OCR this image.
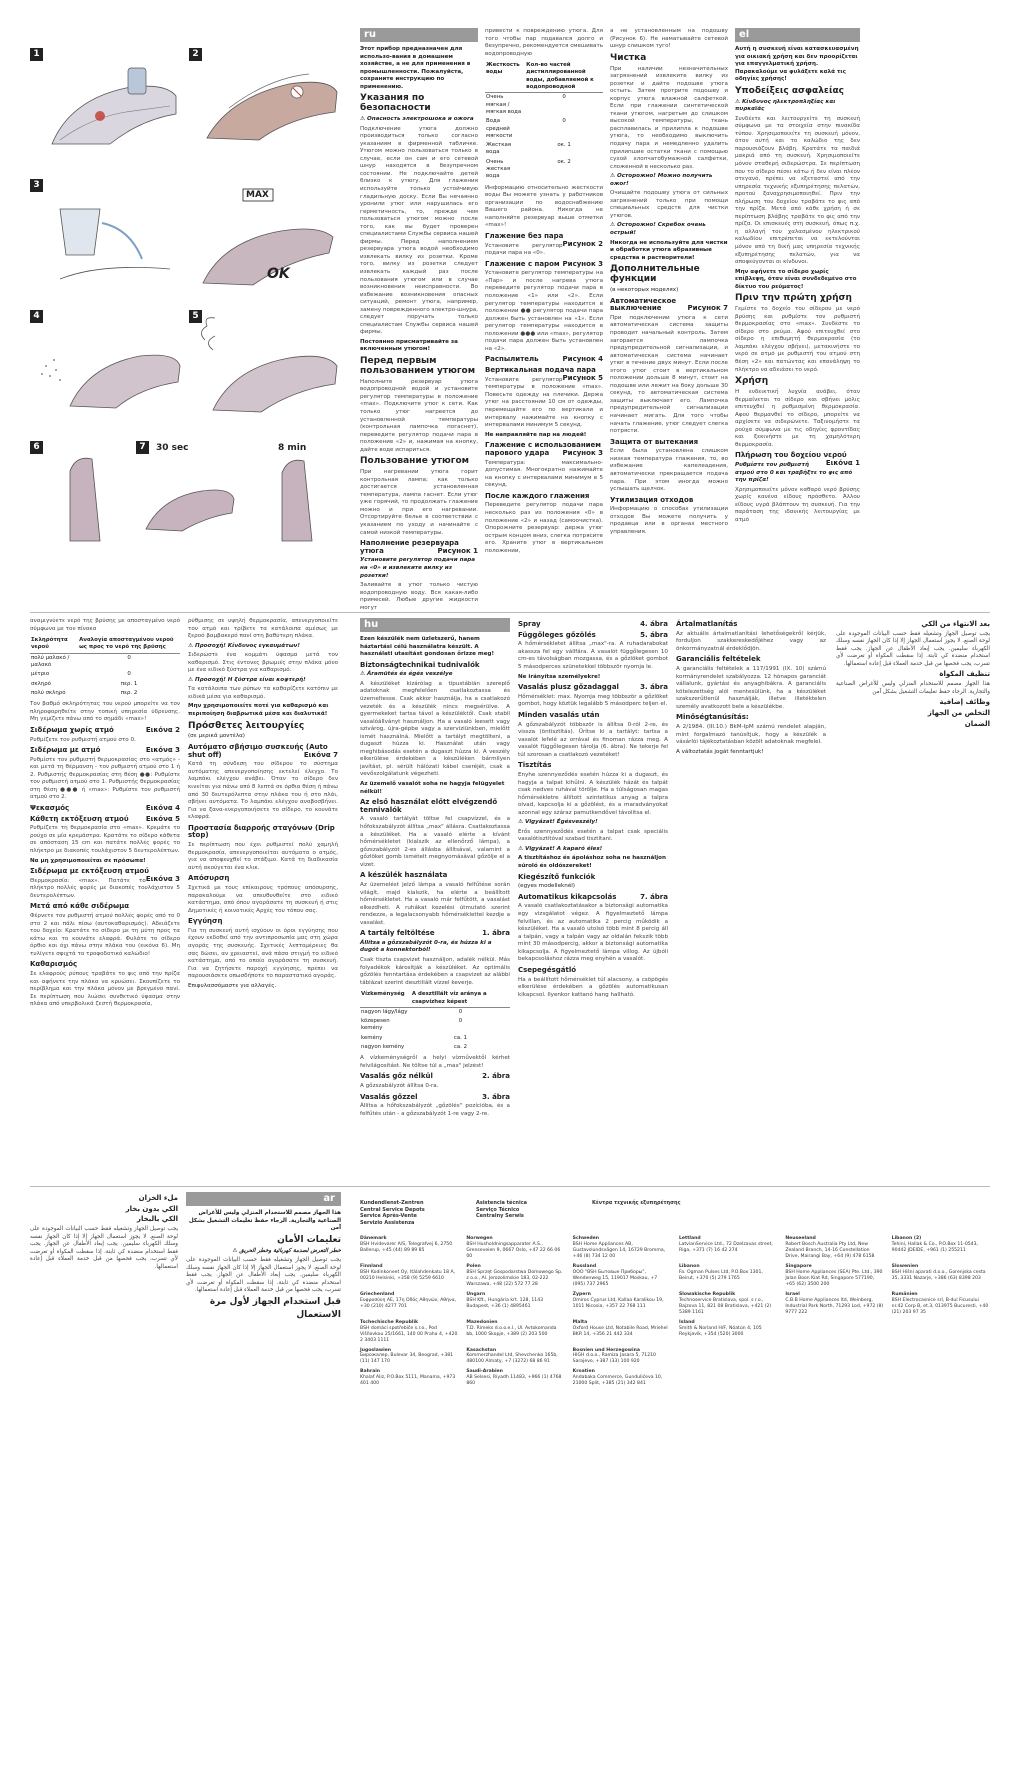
1	2
3
MAX
OK
4	5
6	7	30 sec	8 min
ru
Этот прибор предназначен для использо-вания в домашнем хозяйстве, а не для применения в промышленности. Пожалуйста, сохраните инструкцию по применению.
Указания по безопасности
⚠ Опасность электрошока и ожога
Подключение утюга должно производиться только согласно указаниям в фирменной табличке. Утюгом можно пользоваться только в случае, если он сам и его сетевой шнур находятся в безупречном состоянии. Не подключайте детей близко к утюгу. Для глажения используйте только устойчивую гладильную доску. Если Вы нечаянно уронили утюг или нарушилась его герметичность, то, прежде чем пользоваться утюгом можно после того, как вы будет проверен специалистами Службы сервиса нашей фирмы. Перед наполнением резервуара утюга водой необходимо извлекать вилку из розетки. Кроме того, вилку из розетки следует извлекать каждый раз после пользования утюгом или в случае возникновения неисправности. Во избежание возникновения опасных ситуаций, ремонт утюга, например, замену поврежденного электро-шнура, следует поручать только специалистам Службы сервиса нашей фирмы.
Постоянно присматривайте за включенным утюгом!
Перед первым пользованием утюгом
Наполните резервуар утюга водопроводной водой и установите регулятор температуры в положение «max». Подключите утюг к сети. Как только утюг нагреется до установленной температуры (контрольная лампочка погаснет), переведите регулятор подачи пара в положение «2» и, нажимая на кнопку, дайте воде испариться.
Пользование утюгом
При нагревании утюга горит контрольная лампа; как только достигается установленная температура, лампа гаснет. Если утюг уже горячий, то продолжать глажение можно и при его нагревании. Отсортируйте белье в соответствии с указанием по уходу и начинайте с самой низкой температуры.
Наполнение резервуара утюга	Рисунок 1
Установите регулятор подачи пара на «0» и извлеките вилку из розетки!
Заливайте в утюг только чистую водопроводную воду. Вся какая-либо примесей. Любые другие жидкости могут
привести к повреждению утюга. Для того чтобы пар подавался долго и безупречно, рекомендуется смешивать водопроводную
Жесткость воды	Кол-во частей дистиллированной воды, добавляемой к водопроводной
Очень мягкая / мягкая вода	0
Вода средней мягкости	0
Жесткая вода	ок. 1
Очень жесткая вода	ок. 2
Информацию относительно жесткости воды Вы можете узнать у работников организации по водоснабжению Вашего района. Никогда не наполняйте резервуар выше отметки «max»!
Глажение без пара
Рисунок 2
Установите регулятор подачи пара на «0».
Глажение с паром Рисунок 3
Установите регулятор температуры на «Пар» и после нагрева утюга переведите регулятор подачи пара в положение «1» или «2». Если регулятор температуры находится в положении ●● регулятор подачи пара должен быть установлен на «1». Если регулятор температуры находится в положении ●●● или «max», регулятор подачи пара должен быть установлен на «2».
Распылитель	Рисунок 4
Вертикальная подача пара
Рисунок 5
Установите регулятор температуры в положение «max». Повесьте одежду на плечики. Держа утюг на расстоянии 10 см от одежды, перемещайте его по вертикали и интервалу нажимайте на кнопку с интервалами минимум 5 секунд.
Не направляйте пар на людей!
Глажение с использованием парового удара Рисунок 3
Температура: максимально-допустимая. Многократно нажимайте на кнопку с интервалами минимум в 5 секунд.
После каждого глажения
Переведите регулятор подачи пара несколько раз из положения «0» в положение «2» и назад (самоочистка). Опорожните резервуар: держа утюг острым концом вниз, слегка потрясите его. Храните утюг в вертикальном положении,
а не установленным на подошву (Рисунок 6). Не наматывайте сетевой шнур слишком туго!
Чистка
При наличии незначительных загрязнений извлеките вилку из розетки и дайте подошве утюга остыть. Затем протрите подошву и корпус утюга влажной салфеткой. Если при глажении синтетической ткани утюгом, нагретым до слишком высокой температуры, ткань расплавилась и прилипла к подошве утюга, то необходимо выключить подачу пара и немедленно удалить прилипшие остатки ткани с помощью сухой хлопчатобумажной салфетки, сложенной в несколько раз.
⚠ Осторожно! Можно получить ожог!
Очищайте подошву утюга от сильных загрязнений только при помощи специальных средств для чистки утюгов.
⚠ Осторожно! Скребок очень острый!
Никогда не используйте для чистки и обработки утюга абразивные средства и растворители!
Дополнительные функции
(в некоторых моделях)
Автоматическое выключение	Рисунок 7
При подключении утюга к сети автоматическая система защиты проводит начальный контроль. Затем загорается лампочка предупредительной сигнализации, и автоматическая система начинает утюг в течение двух минут. Если после этого утюг стоит в вертикальном положении дольше 8 минут, стоит на подошве или лежит на боку дольше 30 секунд, то автоматическая система защиты выключает его. Лампочка предупредительной сигнализации начинает мигать. Для того чтобы начать глажение, утюг следует слегка потрясти.
Защита от вытекания
Если была установлена слишком низкая температура глажения, то, во избежание капелеадения, автоматически прекращается подача пара. При этом иногда можно услышать щелчок.
Утилизация отходов
Информацию о способах утилизации отходов Вы можете получить у продавца или в органах местного управления.
el
Αυτή η συσκευή είναι κατασκευασμένη για οικιακή χρήση και δεν προορίζεται για επαγγελματική χρήση. Παρακαλούμε να φυλάξετε καλά τις οδηγίες χρήσης!
Υποδείξεις ασφαλείας
⚠ Κίνδυνος ηλεκτροπληξίας και πυρκαϊάς
Συνδέετε και λειτουργείτε τη συσκευή σύμφωνα με τα στοιχεία στην πινακίδα τύπου. Χρησιμοποιείτε τη συσκευή μόνον, όταν αυτή και το καλώδιο της δεν παρουσιάζουν βλάβη. Κρατάτε τα παιδιά μακριά από τη συσκευή. Χρησιμοποιείτε μόνον σταθερή σιδερώστρα. Σε περίπτωση που το σίδερο πέσει κάτω ή δεν είναι πλέον στεγανό, πρέπει να εξεταστεί από την υπηρεσία τεχνικής εξυπηρέτησης πελατών, προτού ξαναχρησιμοποιηθεί. Πριν την πλήρωση του δοχείου τραβάτε το φις από την πρίζα. Μετά από κάθε χρήση ή σε περίπτωση βλάβης τραβάτε το φις από την πρίζα. Οι επισκευές στη συσκευή, όπως π.χ. η αλλαγή του χαλασμένου ηλεκτρικού καλωδίου επιτρέπεται να εκτελούνται μόνον από τη δική μας υπηρεσία τεχνικής εξυπηρέτησης πελατών, για να αποφεύγονται οι κίνδυνοι.
Μην αφήνετε το σίδερο χωρίς επίβλεψη, όταν είναι συνδεδεμένο στο δίκτυο του ρεύματος!
Πριν την πρώτη χρήση
Γεμίστε το δοχείο του σίδερου με νερό βρύσης και ρυθμίστε τον ρυθμιστή θερμοκρασίας στο «max». Συνδέστε το σίδερο στο ρεύμα. Αφού επιτευχθεί στο σίδερο η επιθυμητή θερμοκρασία (το λαμπάκι ελέγχου σβήνει), μετακινήστε το νερό σε ατμό με ρυθμιστή του ατμού στη θέση «2» και πατώντας και επανάληψη το πλήκτρο να αδειάσει το νερό.
Χρήση
Η ενδεικτική λυχνία ανάβει, όταν θερμαίνεται το σίδερο και σβήνει μόλις επιτευχθεί η ρυθμισμένη θερμοκρασία. Αφού θερμανθεί το σίδερο, μπορείτε να αρχίσετε να σιδερώνετε. Ταξινομήστε τα ρούχα σύμφωνα με τις οδηγίες φροντίδας και ξεκινήστε με τη χαμηλότερη θερμοκρασία.
Πλήρωση του δοχείου νερού
Εικόνα 1
Ρυθμίστε τον ρυθμιστή ατμού στο 0 και τραβήξτε το φις από την πρίζα!
Χρησιμοποιείτε μόνον καθαρό νερό βρύσης χωρίς κανένα είδους πρόσθετο. Άλλου είδους υγρά βλάπτουν τη συσκευή. Για την παράταση της ιδανικής λειτουργίας με ατμό
αναμιγνύετε νερό της βρύσης με αποσταγμένο νερό σύμφωνα με τον πίνακα
Σκληρότητα νερού	Αναλογία αποσταγμένου νερού ως προς το νερό της βρύσης
πολύ μαλακό / μαλακό	0
μέτριο	0
σκληρό	περ. 1
πολύ σκληρό	περ. 2
Τον βαθμό σκληρότητας του νερού μπορείτε να τον πληροφορηθείτε στην τοπική υπηρεσία ύδρευσης. Μη γεμίζετε πάνω από το σημάδι «max»!
Σιδέρωμα χωρίς ατμό	Εικόνα 2
Ρυθμίζετε τον ρυθμιστή ατμού στο 0.
Σιδέρωμα με ατμό	Εικόνα 3
Ρυθμίστε τον ρυθμιστή θερμοκρασίας στο «ατμός» - και μετά τη θέρμανση - τον ρυθμιστή ατμού στο 1 ή 2. Ρυθμιστής θερμοκρασίας στη θέση ●●: Ρυθμίστε τον ρυθμιστή ατμού στο 1. Ρυθμιστής θερμοκρασίας στη θέση ●●● ή «max»: Ρυθμίστε τον ρυθμιστή ατμού στο 2.
Ψεκασμός	Εικόνα 4
Κάθετη εκτόξευση ατμού Εικόνα 5
Ρυθμίζετε τη θερμοκρασία στο «max». Κρεμάτε το ρούχο σε μία κρεμάστρα. Κρατάτε το σίδερο κάθετα σε απόσταση 15 cm και πατάτε πολλές φορές το πλήκτρο με διακοπές τουλάχιστον 5 δευτερολέπτων.
Να μη χρησιμοποιείται σε πρόσωπα!
Σιδέρωμα με εκτόξευση ατμού
Εικόνα 3
Θερμοκρασία: «max». Πατάτε το πλήκτρο πολλές φορές με διακοπές τουλάχιστον 5 δευτερολέπτων.
Μετά από κάθε σιδέρωμα
Φέρνετε τον ρυθμιστή ατμού πολλές φορές από το 0 στο 2 και πάλι πίσω (αυτοκαθαρισμός). Αδειάζετε του δοχείο: Κρατάτε το σίδερο με τη μύτη προς τα κάτω και το κουνάτε ελαφρά. Φυλάτε το σίδερο όρθιο και όχι πάνω στην πλάκα του (εικόνα 6). Μη τυλίγετε σφιχτά το τροφοδοτικό καλώδιο!
Καθαρισμός
Σε ελαφρούς ρύπους τραβάτε το φις από την πρίζα και αφήνετε την πλάκα να κρυώσει. Σκουπίζετε το περίβλημα και την πλάκα μόνον με βρεγμένο πανί. Σε περίπτωση που λιώσει συνθετικό ύφασμα στην πλάκα από υπερβολικά ζεστή θερμοκρασία,
ρύθμισης σε υψηλή θερμοκρασία, απενεργοποιείτε τον ατμό και τρίβετε τα κατάλοιπα αμέσως με ξεροό βαμβακερό πανί στη βαθύτερη πλάκα.
⚠ Προσοχή! Κίνδυνος εγκαυμάτων!
Σιδερώστε ένα κομμάτι ύφασμα μετά τον καθαρισμό. Στις έντονες βρωμιές στην πλάκα μόνο με ένα ειδικό ξύστρα για καθαρισμό.
⚠ Προσοχή! Η ξύστρα είναι κοφτερή!
Τα κατάλοιπα των ρύπων τα καθαρίζετε κατόπιν με ειδικά μέσα για καθαρισμό.
Μην χρησιμοποιείτε ποτέ για καθαρισμό και περιποίηση διαβρωτικά μέσα και διαλυτικά!
Πρόσθετες λειτουργίες
(σε μερικά μοντέλα)
Αυτόματο σβήσιμο συσκευής (Auto shut off)	Εικόνα 7
Κατά τη σύνδεση του σίδερου το σύστημα αυτόματης απενεργοποίησης εκτελεί έλεγχο. Το λαμπάκι ελέγχου ανάβει. Όταν το σίδερο δεν κινείται για πάνω από 8 λεπτά σε όρθια θέση ή πάνω από 30 δευτερόλεπτα στην πλάκα του ή στο πλάι, σβήνει αυτόματα. Το λαμπάκι ελέγχου αναβοσβήνει. Για να ξανα-ενεργοποιήσετε το σίδερο, το κουνάτε ελαφρά.
Προστασία διαρροής σταγόνων (Drip stop)
Σε περίπτωση που έχει ρυθμιστεί πολύ χαμηλή θερμοκρασία, απενεργοποιείται αυτόματα ο ατμός, για να αποφευχθεί το στάξιμο. Κατά τη διαδικασία αυτή ακούγεται ένα κλικ.
Απόσυρση
Σχετικά με τους επίκαιρους τρόπους απόσυρσης, παρακαλούμε να απευθυνθείτε στο ειδικό κατάστημα, από όπου αγοράσατε τη συσκευή ή στις Δημοτικές ή κοινοτικές Αρχές του τόπου σας.
Εγγύηση
Για τη συσκευή αυτή ισχύουν οι όροι εγγύησης που έχουν εκδοθεί από την αντιπροσωπία μας στη χώρα αγοράς της συσκευής. Σχετικές λεπτομέρειες θα σας δώσει, αν χρειαστεί, ανά πάσα στιγμή το ειδικό κατάστημα, από το οποίο αγοράσατε τη συσκευή. Για να ζητήσετε παροχή εγγύησης, πρέπει να παρουσιάσετε οπωσδήποτε το παραστατικό αγοράς.
Επιφυλασσόμαστε για αλλαγές.
hu
Ezen készülék nem üzletszerű, hanem háztartási célú használatra készült. A használati utasítást gondosan őrizze meg!
Biztonságtechnikai tudnivalók
⚠ Áramütés és égés veszélye
A készüléket kizárólag a típustáblán szereplő adatoknak megfelelően csatlakoztassa és üzemeltesse. Csak akkor használja, ha a csatlakozó vezeték és a készülék nincs megsérülve. A gyermekeket tartsa távol a készüléktől. Csak stabil vasalóállványt használjon. Ha a vasaló leesett vagy szivárog, újra-gépbe vagy a szerviziünkben, mielőtt ismét használná. Mielőtt a tartályt megtölteni, a dugaszt húzza ki. Használat után vagy meghibásodás esetén a dugaszt húzza ki. A veszély elkerülése érdekében a készüléken bármilyen javítást, pl. sérült hálózati kábel cseréjét, csak a vevőszolgálatunk végezheti.
Az üzemelő vasalót soha ne hagyja felügyelet nélkül!
Az első használat előtt elvégzendő tennivalók
A vasaló tartályát töltse fel csapvízzel, és a hőfokszabályzót állítsa „max" állásra. Csatlakoztassa a készüléket. Ha a vasaló elérte a kívánt hőmérsékletet (kialszik az ellenőrző lámpa), a gőzszabályzót 2-es állásba állítsával, valamint a gőzlöket gomb ismételt megnyomásával gőzölje el a vizet.
A készülék használata
Az üzemelést jelző lámpa a vasaló felfűtése során világít, majd kialszik, ha elérte a beállított hőmérsékletet. Ha a vasaló már felfűtött, a vasalást elkezdheti. A ruhákat kezelési útmutató szerint rendezze, a legalacsonyabb hőmérséklettel kezdje a vasalást.
A tartály feltöltése	1. ábra
Állítsa a gőzszabályzót 0-ra, és húzza ki a dugót a konnektorból!
Csak tiszta csapvizet használjon, adalék nélkül. Más folyadékok károsítják a készüléket. Az optimális gőzölés fenntartása érdekében a csapvizet az alábbi táblázat szerint desztillált vízzel keverje.
Vízkeménység	A desztillált víz aránya a csapvízhez képest
nagyon lágy/lágy	0
közepesen kemény	0
kemény	ca. 1
nagyon kemény	ca. 2
A vízkeménységről a helyi vízművektől kérhet felvilágosítást. Ne töltse túl a „max" jelzést!
Vasalás gőz nélkül	2. ábra
A gőzszabályzót állítsa 0-ra.
Vasalás gőzzel	3. ábra
Állítsa a hőfokszabályzót „gőzölés" pozícióba, és a felfűtés után - a gőzszabályzót 1-re vagy 2-re.
Spray	4. ábra
Függőleges gőzölés	5. ábra
A hőmérsékletet állítsa „max"-ra. A ruhadarabokat akassza fel egy vállfára. A vasalót függőlegesen 10 cm-es távolságban mozgassa, és a gőzlöket gombot 5 másodperces szünetekkel többször nyomja le.
Ne irányítsa személyekre!
Vasalás plusz gőzadaggal	3. ábra
Hőmérséklet: max. Nyomja meg többször a gőzlöket gombot, hogy köztük legalább 5 másodperc teljen el.
Minden vasalás után
A gőzszabályzót többször is állítsa 0-ról 2-re, és vissza (öntisztítás). Ürítse ki a tartályt: tartsa a vasalót lefelé az orrával és finoman rázza meg. A vasalót függőlegesen tárolja (6. ábra). Ne tekerje fel túl szorosan a csatlakozó vezetéket!
Tisztítás
Enyhe szennyeződés esetén húzza ki a dugaszt, és hagyja a talpat kihűlni. A készülék házát és talpát csak nedves ruhával törölje. Ha a túlságosan magas hőmérsékletre állított szintetikus anyag a talpra olvad, kapcsolja ki a gőzölést, és a maradványokat azonnal egy száraz pamutkendővel távolítsa el.
⚠ Vigyázat! Égésveszély!
Erős szennyeződés esetén a talpat csak speciális vasalótisztítóval szabad tisztítani.
⚠ Vigyázat! A kaparó éles!
A tisztításhoz és ápoláshoz soha ne használjon súroló és oldószereket!
Kiegészítő funkciók
(egyes modelleknél)
Automatikus kikapcsolás	7. ábra
A vasaló csatlakoztatásakor a biztonsági automatika egy vizsgálatot végez. A figyelmeztető lámpa felvillan, és az automatika 2 percig működik a készüléket. Ha a vasaló utolsó több mint 8 percig áll a talpán, vagy a talpán vagy az oldalán fekszik több mint 30 másodpercig, akkor a biztonsági automatika kikapcsolja. A figyelmeztető lámpa villog. Az újbóli bekapcsoláshoz rázza meg enyhén a vasalót.
Csepegésgátló
Ha a beállított hőmérséklet túl alacsony, a csöpögés elkerülése érdekében a gőzölés automatikusan kikapcsol. Ilyenkor kattanó hang hallható.
Ártalmatlanítás
Az aktuális ártalmatlanítási lehetőségekről kérjük, forduljon szakkereskedőjéhez vagy az önkormányzatnál érdeklődjön.
Garanciális feltételek
A garanciális feltételek a 117/1991 (IX. 10) számú kormányrendelet szabályozza. 12 hónapos garanciát vállalunk, gyártási és anyaghibákra. A garanciális kötelezettség alól mentesülünk, ha a készüléket szakszerűtlenül használják, illetve illetéktelen személy avatkozott bele a készülékbe.
Minőségtanúsítás:
A 2/1984. (III.10.) BkM-IpM számú rendelet alapján, mint forgalmazó tanúsítjuk, hogy a készülék a vásárlói tájékoztatásban közölt adatoknak megfelel.
A változtatás jogát fenntartjuk!
بعد الانتهاء من الكي
يجب توصيل الجهاز وتشغيله فقط حسب البيانات الموجودة على لوحة الصنع. لا يجوز استعمال الجهاز إلا إذا كان الجهاز نفسه وسلك الكهرباء سليمين. يجب إبعاد الأطفال عن الجهاز. يجب فقط استخدام منضدة كي ثابتة. إذا سقطت المكواة أو تعرضت لأي تسرب، يجب فحصها من قبل خدمة العملاء قبل إعادة استعمالها.
تنظيف المكواة
هذا الجهاز مصمم للاستخدام المنزلي وليس للأغراض الصناعية والتجارية. الرجاء حفظ تعليمات التشغيل بشكل آمن
وظائف إضافية
التخلص من الجهاز
الضمان
ملء الخزان
الكي بدون بخار
الكي بالبخار
يجب توصيل الجهاز وتشغيله فقط حسب البيانات الموجودة على لوحة الصنع. لا يجوز استعمال الجهاز إلا إذا كان الجهاز نفسه وسلك الكهرباء سليمين. يجب إبعاد الأطفال عن الجهاز. يجب فقط استخدام منضدة كي ثابتة. إذا سقطت المكواة أو تعرضت لأي تسرب، يجب فحصها من قبل خدمة العملاء قبل إعادة استعمالها.
ar
هذا الجهاز مصمم للاستخدام المنزلي وليس للأغراض الصناعية والتجارية. الرجاء حفظ تعليمات التشغيل بشكل آمن
تعليمات الأمان
خطر التعرض لصدمة كهربائية وخطر الحريق ⚠
يجب توصيل الجهاز وتشغيله فقط حسب البيانات الموجودة على لوحة الصنع. لا يجوز استعمال الجهاز إلا إذا كان الجهاز نفسه وسلك الكهرباء سليمين. يجب إبعاد الأطفال عن الجهاز. يجب فقط استخدام منضدة كي ثابتة. إذا سقطت المكواة أو تعرضت لأي تسرب، يجب فحصها من قبل خدمة العملاء قبل إعادة استعمالها.
قبل استخدام الجهاز لأول مرة
الاستعمال
Kundendienst-Zentren
Central Service Depots
Service Après-Vente
Servizio Assistenza
Asistencia técnica
Serviço Técnico
Centralny Serwis
Κέντρα τεχνικής εξυπηρέτησης
Dänemark
BSH Hvidevarer A/S, Telegrafvej 6, 2750 Ballerup, +45 (44) 89 89 85
Norwegen
BSH Husholdningsapparater A.S., Grenseveien 9, 0667 Oslo, +47 22 66 06 00
Schweden
BSH Home Appliances AB, Gustavslundsvägen 14, 16729 Bromma, +46 (8) 734 12 00
Lettland
LatvianService Ltd., 72 Dzelzavas street, Riga, +371 (7) 16 42 274
Neuseeland
Robert Bosch Australia Pty Ltd, New Zealand Branch, 14-16 Constellation Drive, Mairangi Bay, +64 (9) 478 6158
Libanon (2)
Tehini, Hallak & Co., P.O.Box 11-0543, 90442 JDEIDE, +961 (1) 255211
Finnland
BSH Kodinkoneet Oy, Itälahdenkatu 18 A, 00210 Helsinki, +358 (9) 5259 6610
Polen
BSH Sprzęt Gospodarstwa Domowego Sp. z o.o., Al. Jerozolimskie 183, 02-222 Warszawa, +48 (22) 572 77 28
Russland
ООО "BSH Бытовые Приборы", Wendenweg 15, 119017 Moskau, +7 (095) 737 2965
Libanon
Fa. Ogman Pulses Ltd, P.O.Box 1301, Beirut, +370 (5) 279 1765
Singapore
BSH Home Appliances (SEA) Pte. Ltd., 390 Jalan Boon Kiat Rd, Singapore 577190, +65 (62) 3500 200
Slowenien
BSH Hišni aparati d.o.o., Gorenjska cesta 35, 3331 Nazarje, +386 (63) 8398 203
Griechenland
Ευφροσύνη AE, 17η Οδός Αθηνών, Αθήνα, +30 (210) 4277 701
Ungarn
BSH Kft., Hungária krt. 128, 1143 Budapest, +36 (1) 4895461
Zypern
Omiros Cyprus Ltd, Kallaa Karalikou 19, 1011 Nicosia, +357 22 768 111
Slowakische Republik
Technoservice Bratislava, spol. s r.o., Bajzova 11, 821 08 Bratislava, +421 (2) 5389 1161
Israel
C.B.B Home Appliances ltd, Weinberg, Industrial Park North, 71293 Lod, +972 (8) 9777 222
Rumänien
BSH Electrocasnice srl, B-dul Ficusului nr.42 Corp B, et.3, 013975 Bucuresti, +40 (21) 203 97 35
Tschechische Republik
BSH domácí spotřebiče s.r.o., Pod Višňovkou 25/1661, 140 00 Praha 4, +420 2 3403 1111
Mazedonien
T.D. Rimeks d.o.o.e.l., Ul. Avtokomanda bb, 1000 Skopje, +389 (2) 203 500
Malta
Oxford House Ltd, Notabile Road, Mriehel BKR 14, +356 21 442 334
Island
Smith & Norland H/F, Nóatún 4, 105 Reykjavík, +354 (520) 3000
Jugoslawien
Бирожалер, Bulevar 34, Beograd, +381 (11) 147 170
Kasachstan
Kommerzhandel Ltd, Shevchenko 165b, 480100 Almaty, +7 (3272) 68 86 91
Bosnien und Herzegowina
HIGH d.o.o., Ramiza Jasara 5, 71210 Sarajevo, +387 (33) 100 920
Bahrain
Khalaf Aliz, P.O.Box 5111, Manama, +973 401 400
Saudi-Arabien
AB Selsesi, Riyadh 11483, +966 (1) 4768 860
Kroatien
Andabaka Commerce, Gundulićeva 10, 21000 Split, +385 (21) 342 841
